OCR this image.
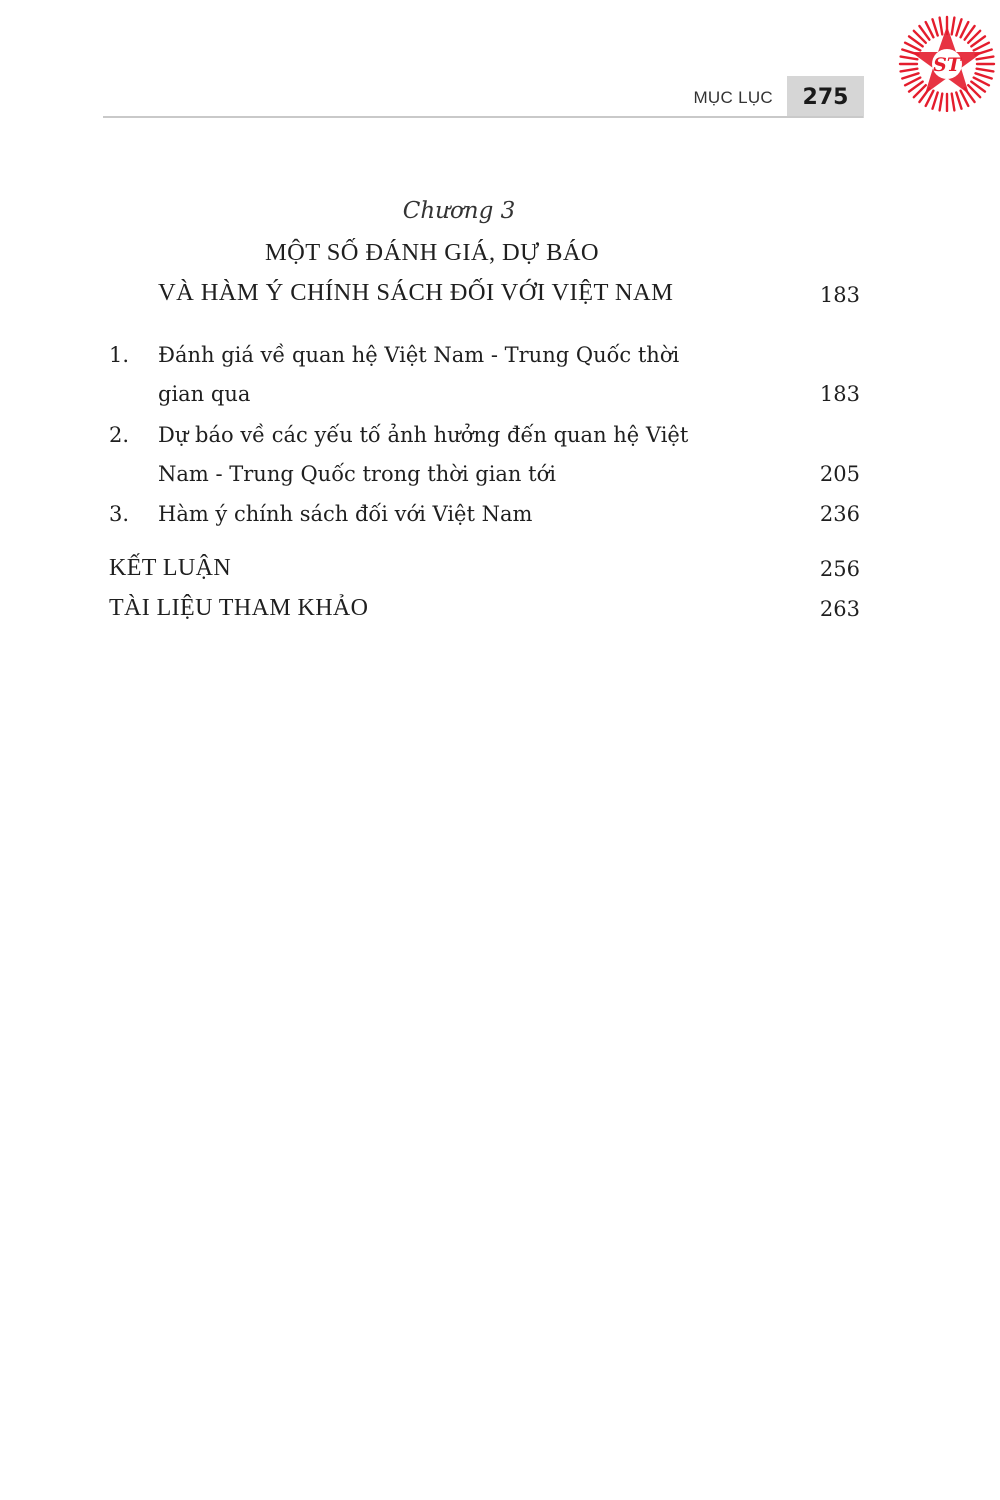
MỤC LỤC 275
ST
Chương 3
MỘT SỐ ĐÁNH GIÁ, DỰ BÁO
VÀ HÀM Ý CHÍNH SÁCH ĐỐI VỚI VIỆT NAM	183
1. Đánh giá về quan hệ Việt Nam - Trung Quốc thời
gian qua	183
2. Dự báo về các yếu tố ảnh hưởng đến quan hệ Việt
Nam - Trung Quốc trong thời gian tới	205
3. Hàm ý chính sách đối với Việt Nam	236
KẾT LUẬN	256
TÀI LIỆU THAM KHẢO	263
